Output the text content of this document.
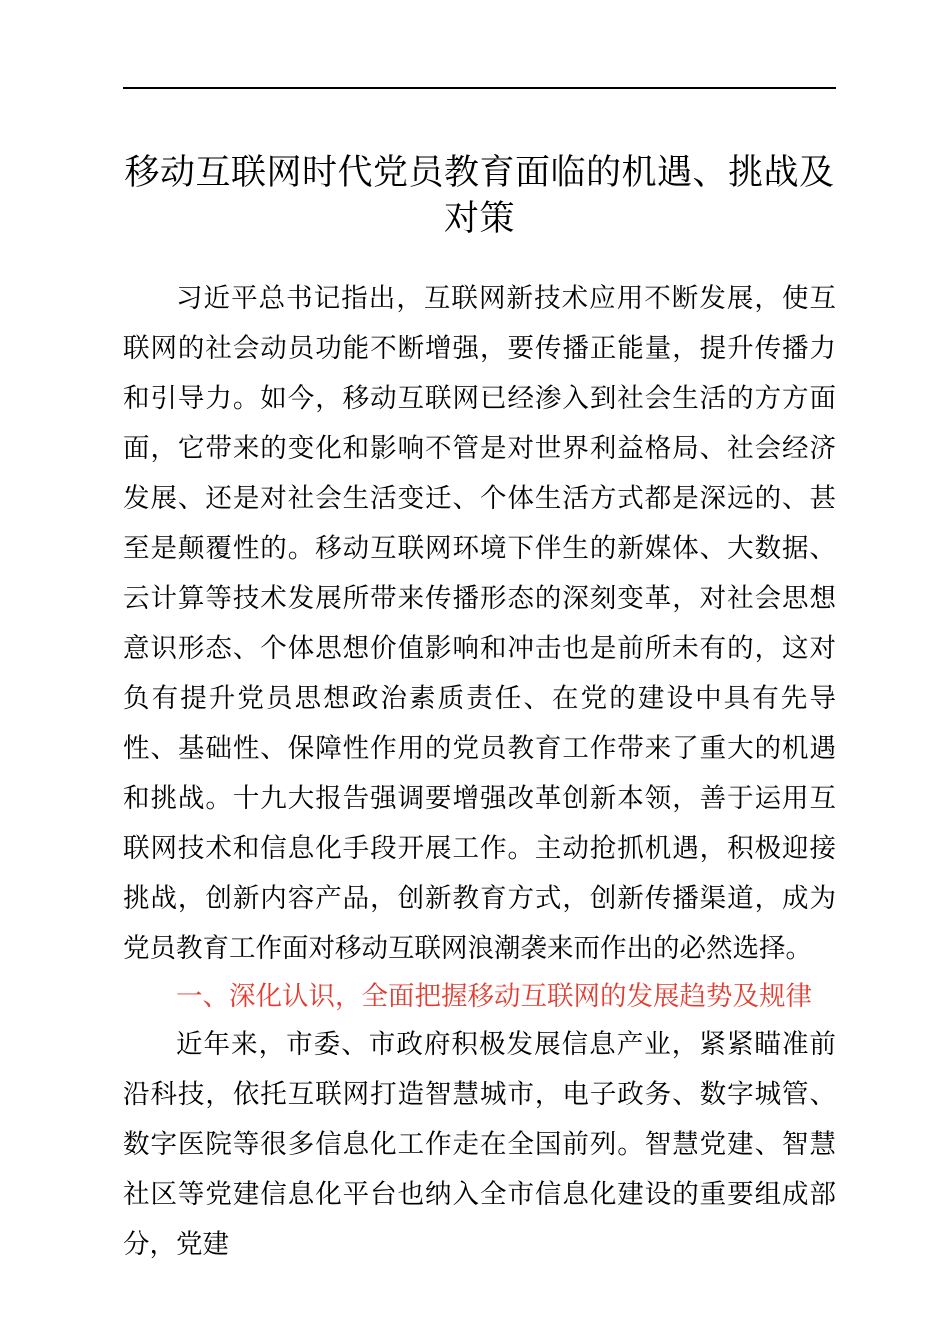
移动互联网时代党员教育面临的机遇、挑战及
对策

习近平总书记指出，互联网新技术应用不断发展，使互联网的社会动员功能不断增强，要传播正能量，提升传播力和引导力。如今，移动互联网已经渗入到社会生活的方方面面，它带来的变化和影响不管是对世界利益格局、社会经济发展、还是对社会生活变迁、个体生活方式都是深远的、甚至是颠覆性的。移动互联网环境下伴生的新媒体、大数据、云计算等技术发展所带来传播形态的深刻变革，对社会思想意识形态、个体思想价值影响和冲击也是前所未有的，这对负有提升党员思想政治素质责任、在党的建设中具有先导性、基础性、保障性作用的党员教育工作带来了重大的机遇和挑战。十九大报告强调要增强改革创新本领，善于运用互联网技术和信息化手段开展工作。主动抢抓机遇，积极迎接挑战，创新内容产品，创新教育方式，创新传播渠道，成为党员教育工作面对移动互联网浪潮袭来而作出的必然选择。

一、深化认识，全面把握移动互联网的发展趋势及规律

近年来，市委、市政府积极发展信息产业，紧紧瞄准前沿科技，依托互联网打造智慧城市，电子政务、数字城管、数字医院等很多信息化工作走在全国前列。智慧党建、智慧社区等党建信息化平台也纳入全市信息化建设的重要组成部分，党建
